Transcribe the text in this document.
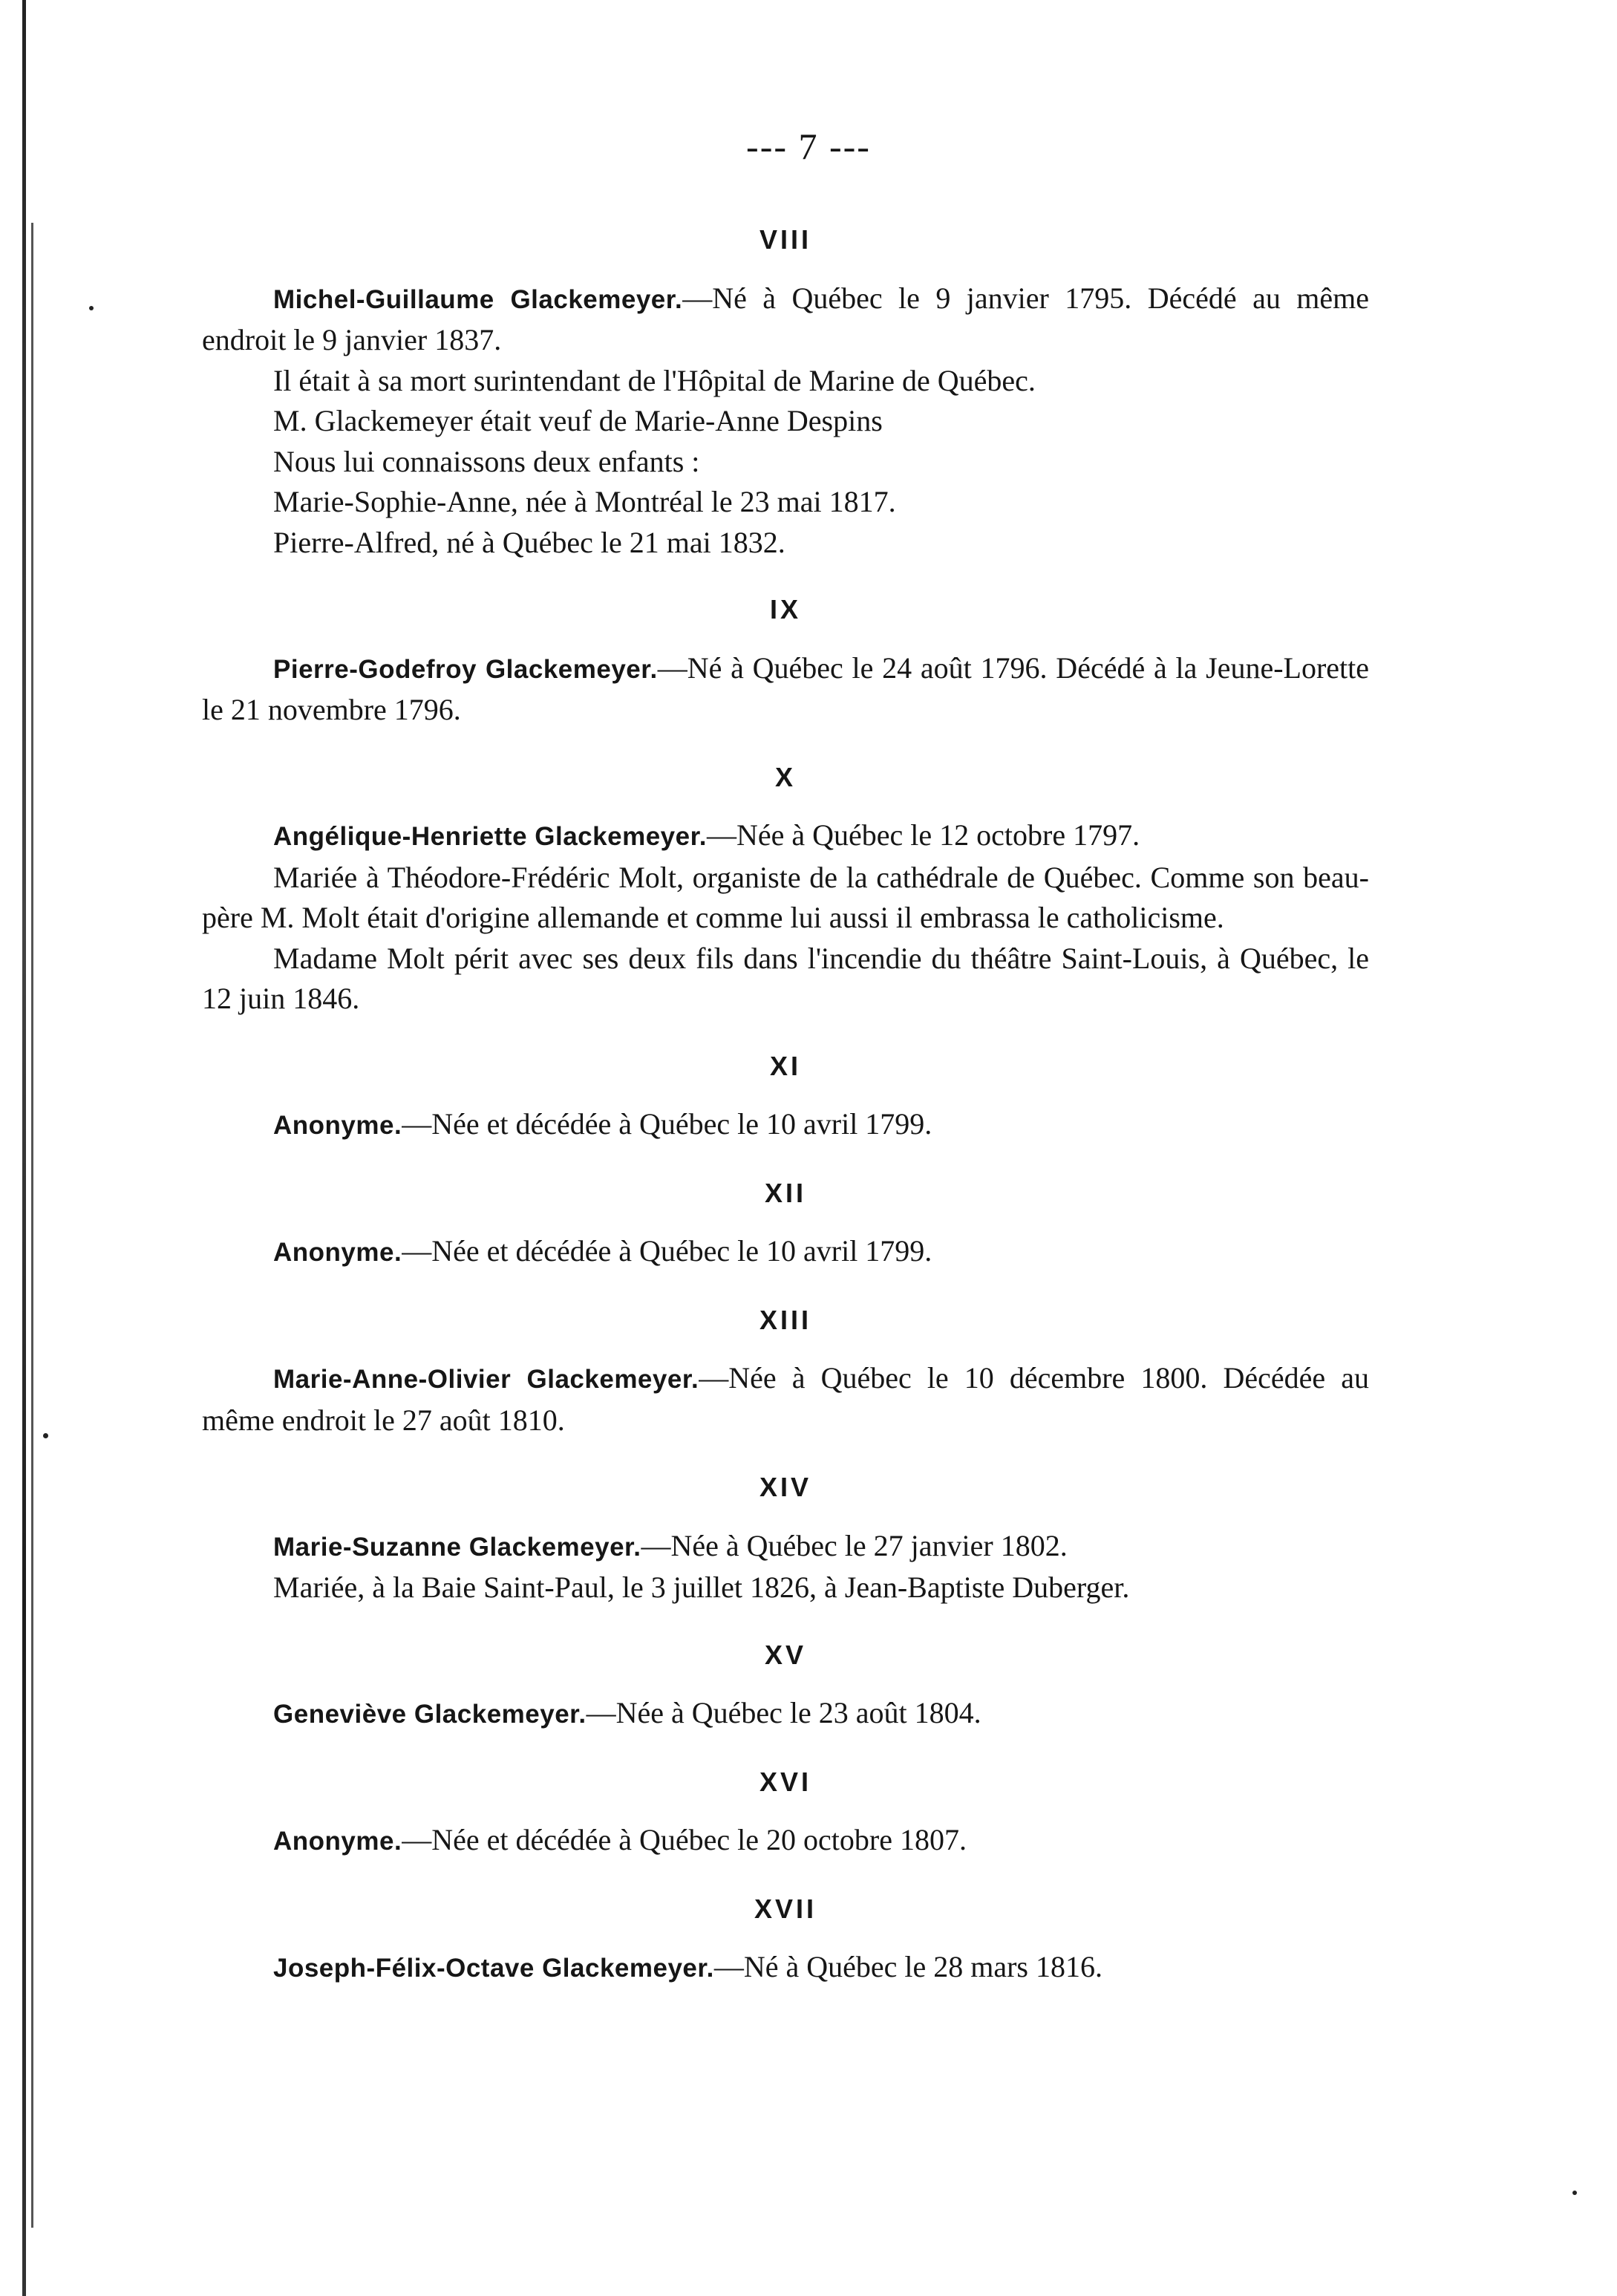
--- 7 ---
VIII

Michel-Guillaume Glackemeyer.—Né à Québec le 9 janvier 1795. Décédé au même endroit le 9 janvier 1837.

Il était à sa mort surintendant de l'Hôpital de Marine de Québec.

M. Glackemeyer était veuf de Marie-Anne Despins

Nous lui connaissons deux enfants :

Marie-Sophie-Anne, née à Montréal le 23 mai 1817.

Pierre-Alfred, né à Québec le 21 mai 1832.

IX

Pierre-Godefroy Glackemeyer.—Né à Québec le 24 août 1796. Décédé à la Jeune-Lorette le 21 novembre 1796.

X

Angélique-Henriette Glackemeyer.—Née à Québec le 12 octobre 1797.

Mariée à Théodore-Frédéric Molt, organiste de la cathédrale de Québec. Comme son beau-père M. Molt était d'origine allemande et comme lui aussi il embrassa le catholicisme.

Madame Molt périt avec ses deux fils dans l'incendie du théâtre Saint-Louis, à Québec, le 12 juin 1846.

XI

Anonyme.—Née et décédée à Québec le 10 avril 1799.

XII

Anonyme.—Née et décédée à Québec le 10 avril 1799.

XIII

Marie-Anne-Olivier Glackemeyer.—Née à Québec le 10 décembre 1800. Décédée au même endroit le 27 août 1810.

XIV

Marie-Suzanne Glackemeyer.—Née à Québec le 27 janvier 1802.

Mariée, à la Baie Saint-Paul, le 3 juillet 1826, à Jean-Baptiste Duberger.

XV

Geneviève Glackemeyer.—Née à Québec le 23 août 1804.

XVI

Anonyme.—Née et décédée à Québec le 20 octobre 1807.

XVII

Joseph-Félix-Octave Glackemeyer.—Né à Québec le 28 mars 1816.
